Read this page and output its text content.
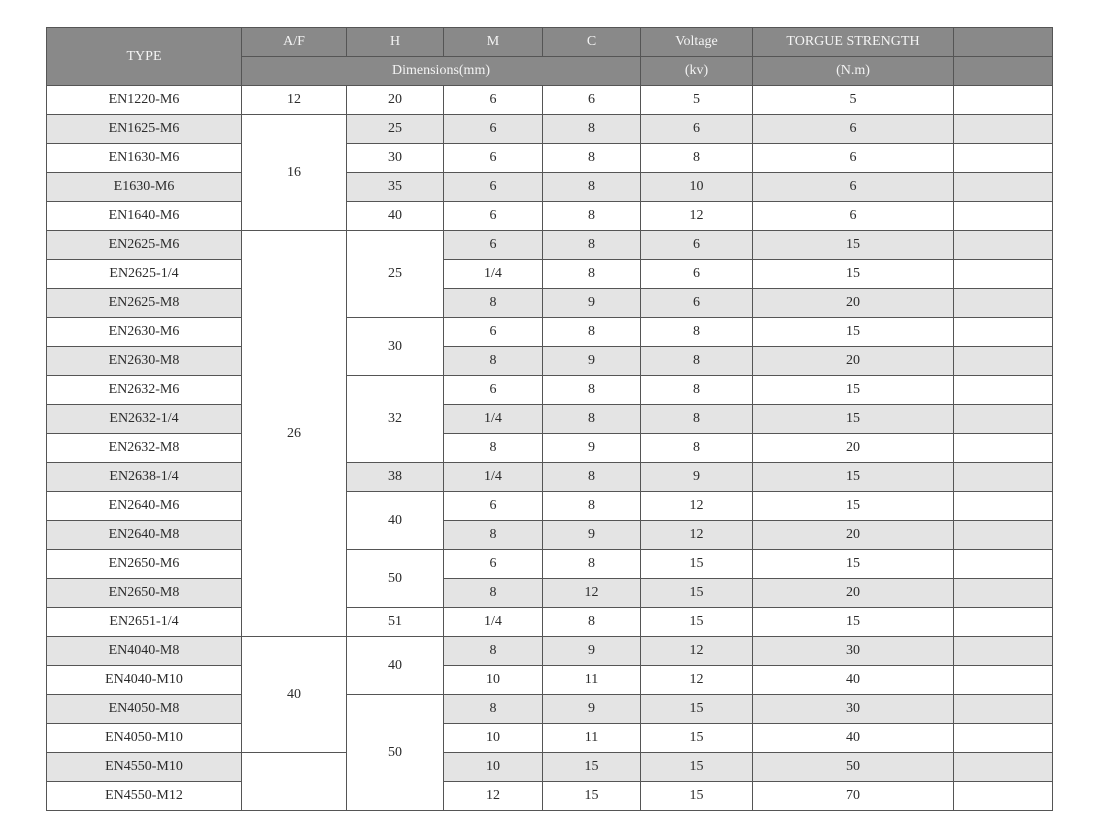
TYPE	A/F	H	M	C	Voltage	TORGUE STRENGTH	
	Dimensions(mm)				(kv)	(N.m)	
EN1220-M6	12	20	6	6	5	5	
EN1625-M6	16	25	6	8	6	6	
EN1630-M6		30	6	8	8	6	
E1630-M6		35	6	8	10	6	
EN1640-M6		40	6	8	12	6	
EN2625-M6	26	25	6	8	6	15	
EN2625-1/4			1/4	8	6	15	
EN2625-M8			8	9	6	20	
EN2630-M6		30	6	8	8	15	
EN2630-M8			8	9	8	20	
EN2632-M6		32	6	8	8	15	
EN2632-1/4			1/4	8	8	15	
EN2632-M8			8	9	8	20	
EN2638-1/4		38	1/4	8	9	15	
EN2640-M6		40	6	8	12	15	
EN2640-M8			8	9	12	20	
EN2650-M6		50	6	8	15	15	
EN2650-M8			8	12	15	20	
EN2651-1/4		51	1/4	8	15	15	
EN4040-M8	40	40	8	9	12	30	
EN4040-M10			10	11	12	40	
EN4050-M8		50	8	9	15	30	
EN4050-M10			10	11	15	40	
EN4550-M10			10	15	15	50	
EN4550-M12			12	15	15	70	
